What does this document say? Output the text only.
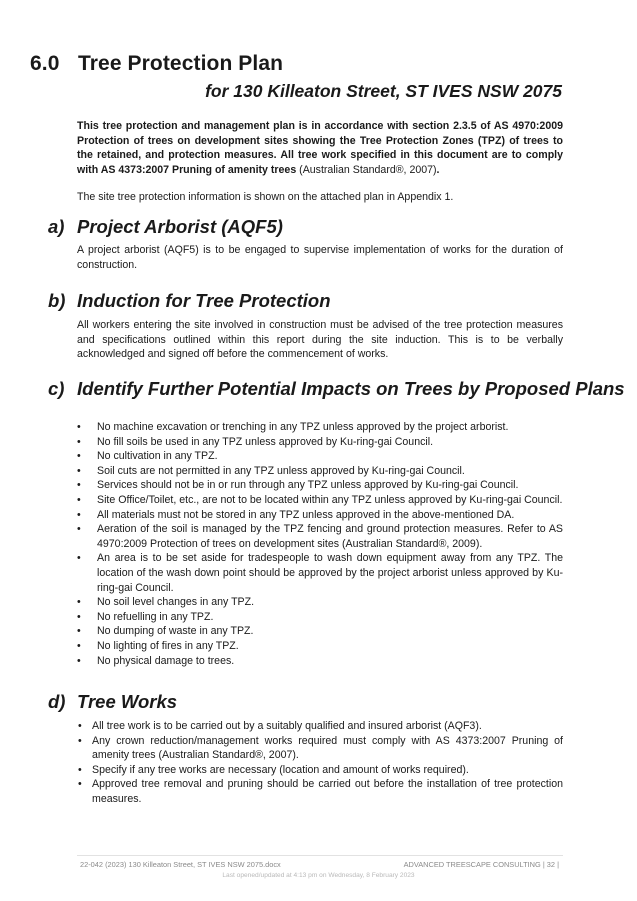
6.0 Tree Protection Plan
for 130 Killeaton Street, ST IVES NSW 2075

This tree protection and management plan is in accordance with section 2.3.5 of AS 4970:2009 Protection of trees on development sites showing the Tree Protection Zones (TPZ) of trees to the retained, and protection measures. All tree work specified in this document are to comply with AS 4373:2007 Pruning of amenity trees (Australian Standard®, 2007).

The site tree protection information is shown on the attached plan in Appendix 1.

a) Project Arborist (AQF5)

A project arborist (AQF5) is to be engaged to supervise implementation of works for the duration of construction.

b) Induction for Tree Protection

All workers entering the site involved in construction must be advised of the tree protection measures and specifications outlined within this report during the site induction. This is to be verbally acknowledged and signed off before the commencement of works.

c) Identify Further Potential Impacts on Trees by Proposed Plans
•	No machine excavation or trenching in any TPZ unless approved by the project arborist.
•	No fill soils be used in any TPZ unless approved by Ku-ring-gai Council.
•	No cultivation in any TPZ.
•	Soil cuts are not permitted in any TPZ unless approved by Ku-ring-gai Council.
•	Services should not be in or run through any TPZ unless approved by Ku-ring-gai Council.
•	Site Office/Toilet, etc., are not to be located within any TPZ unless approved by Ku-ring-gai Council.
•	All materials must not be stored in any TPZ unless approved in the above-mentioned DA.
•	Aeration of the soil is managed by the TPZ fencing and ground protection measures. Refer to AS 4970:2009 Protection of trees on development sites (Australian Standard®, 2009).
•	An area is to be set aside for tradespeople to wash down equipment away from any TPZ. The location of the wash down point should be approved by the project arborist unless approved by Ku-ring-gai Council.
•	No soil level changes in any TPZ.
•	No refuelling in any TPZ.
•	No dumping of waste in any TPZ.
•	No lighting of fires in any TPZ.
•	No physical damage to trees.
d) Tree Works
• All tree work is to be carried out by a suitably qualified and insured arborist (AQF3).
• Any crown reduction/management works required must comply with AS 4373:2007 Pruning of amenity trees (Australian Standard®, 2007).
• Specify if any tree works are necessary (location and amount of works required).
• Approved tree removal and pruning should be carried out before the installation of tree protection measures.
22-042 (2023) 130 Killeaton Street, ST IVES NSW 2075.docx	ADVANCED TREESCAPE CONSULTING | 32 |
Last opened/updated at 4:13 pm on Wednesday, 8 February 2023
